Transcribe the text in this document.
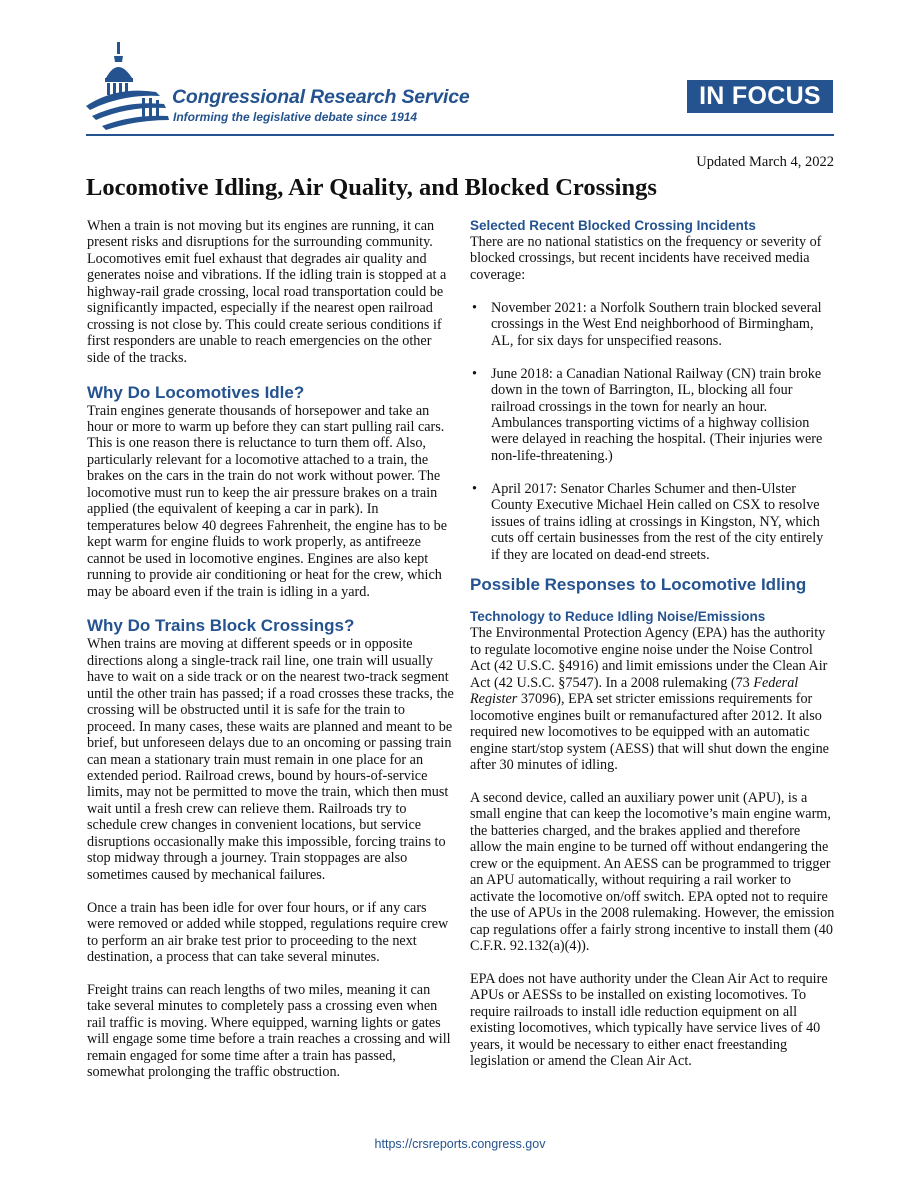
Congressional Research Service
Informing the legislative debate since 1914
IN FOCUS
Updated March 4, 2022
Locomotive Idling, Air Quality, and Blocked Crossings

When a train is not moving but its engines are running, it can present risks and disruptions for the surrounding community. Locomotives emit fuel exhaust that degrades air quality and generates noise and vibrations. If the idling train is stopped at a highway-rail grade crossing, local road transportation could be significantly impacted, especially if the nearest open railroad crossing is not close by. This could create serious conditions if first responders are unable to reach emergencies on the other side of the tracks.

Why Do Locomotives Idle?

Train engines generate thousands of horsepower and take an hour or more to warm up before they can start pulling rail cars. This is one reason there is reluctance to turn them off. Also, particularly relevant for a locomotive attached to a train, the brakes on the cars in the train do not work without power. The locomotive must run to keep the air pressure brakes on a train applied (the equivalent of keeping a car in park). In temperatures below 40 degrees Fahrenheit, the engine has to be kept warm for engine fluids to work properly, as antifreeze cannot be used in locomotive engines. Engines are also kept running to provide air conditioning or heat for the crew, which may be aboard even if the train is idling in a yard.

Why Do Trains Block Crossings?

When trains are moving at different speeds or in opposite directions along a single-track rail line, one train will usually have to wait on a side track or on the nearest two-track segment until the other train has passed; if a road crosses these tracks, the crossing will be obstructed until it is safe for the train to proceed. In many cases, these waits are planned and meant to be brief, but unforeseen delays due to an oncoming or passing train can mean a stationary train must remain in one place for an extended period. Railroad crews, bound by hours-of-service limits, may not be permitted to move the train, which then must wait until a fresh crew can relieve them. Railroads try to schedule crew changes in convenient locations, but service disruptions occasionally make this impossible, forcing trains to stop midway through a journey. Train stoppages are also sometimes caused by mechanical failures.

Once a train has been idle for over four hours, or if any cars were removed or added while stopped, regulations require crew to perform an air brake test prior to proceeding to the next destination, a process that can take several minutes.

Freight trains can reach lengths of two miles, meaning it can take several minutes to completely pass a crossing even when rail traffic is moving. Where equipped, warning lights or gates will engage some time before a train reaches a crossing and will remain engaged for some time after a train has passed, somewhat prolonging the traffic obstruction.

Selected Recent Blocked Crossing Incidents

There are no national statistics on the frequency or severity of blocked crossings, but recent incidents have received media coverage:

• November 2021: a Norfolk Southern train blocked several crossings in the West End neighborhood of Birmingham, AL, for six days for unspecified reasons.
• June 2018: a Canadian National Railway (CN) train broke down in the town of Barrington, IL, blocking all four railroad crossings in the town for nearly an hour. Ambulances transporting victims of a highway collision were delayed in reaching the hospital. (Their injuries were non-life-threatening.)
• April 2017: Senator Charles Schumer and then-Ulster County Executive Michael Hein called on CSX to resolve issues of trains idling at crossings in Kingston, NY, which cuts off certain businesses from the rest of the city entirely if they are located on dead-end streets.
Possible Responses to Locomotive Idling
Technology to Reduce Idling Noise/Emissions

The Environmental Protection Agency (EPA) has the authority to regulate locomotive engine noise under the Noise Control Act (42 U.S.C. §4916) and limit emissions under the Clean Air Act (42 U.S.C. §7547). In a 2008 rulemaking (73 Federal Register 37096), EPA set stricter emissions requirements for locomotive engines built or remanufactured after 2012. It also required new locomotives to be equipped with an automatic engine start/stop system (AESS) that will shut down the engine after 30 minutes of idling.

A second device, called an auxiliary power unit (APU), is a small engine that can keep the locomotive’s main engine warm, the batteries charged, and the brakes applied and therefore allow the main engine to be turned off without endangering the crew or the equipment. An AESS can be programmed to trigger an APU automatically, without requiring a rail worker to activate the locomotive on/off switch. EPA opted not to require the use of APUs in the 2008 rulemaking. However, the emission cap regulations offer a fairly strong incentive to install them (40 C.F.R. 92.132(a)(4)).

EPA does not have authority under the Clean Air Act to require APUs or AESSs to be installed on existing locomotives. To require railroads to install idle reduction equipment on all existing locomotives, which typically have service lives of 40 years, it would be necessary to either enact freestanding legislation or amend the Clean Air Act.

https://crsreports.congress.gov
